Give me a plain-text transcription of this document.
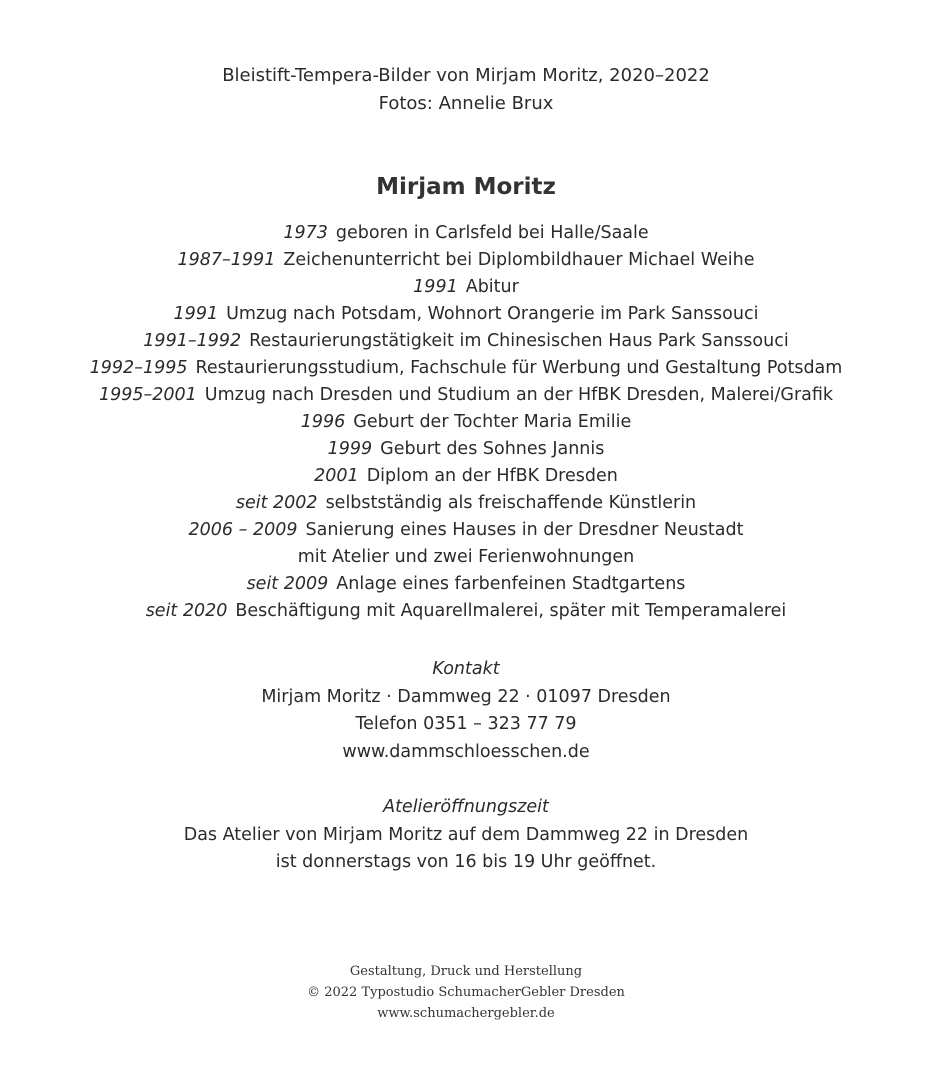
Bleistift-Tempera-Bilder von Mirjam Moritz, 2020–2022
Fotos: Annelie Brux
Mirjam Moritz
1973 geboren in Carlsfeld bei Halle/Saale
1987–1991 Zeichenunterricht bei Diplombildhauer Michael Weihe
1991 Abitur
1991 Umzug nach Potsdam, Wohnort Orangerie im Park Sanssouci
1991–1992 Restaurierungstätigkeit im Chinesischen Haus Park Sanssouci
1992–1995 Restaurierungsstudium, Fachschule für Werbung und Gestaltung Potsdam
1995–2001 Umzug nach Dresden und Studium an der HfBK Dresden, Malerei/Grafik
1996 Geburt der Tochter Maria Emilie
1999 Geburt des Sohnes Jannis
2001 Diplom an der HfBK Dresden
seit 2002 selbstständig als freischaffende Künstlerin
2006 – 2009 Sanierung eines Hauses in der Dresdner Neustadt
mit Atelier und zwei Ferienwohnungen
seit 2009 Anlage eines farbenfeinen Stadtgartens
seit 2020 Beschäftigung mit Aquarellmalerei, später mit Temperamalerei
Kontakt
Mirjam Moritz · Dammweg 22 · 01097 Dresden
Telefon 0351 – 323 77 79
www.dammschloesschen.de
Atelieröffnungszeit
Das Atelier von Mirjam Moritz auf dem Dammweg 22 in Dresden
ist donnerstags von 16 bis 19 Uhr geöffnet.
Gestaltung, Druck und Herstellung
© 2022 Typostudio SchumacherGebler Dresden
www.schumachergebler.de
